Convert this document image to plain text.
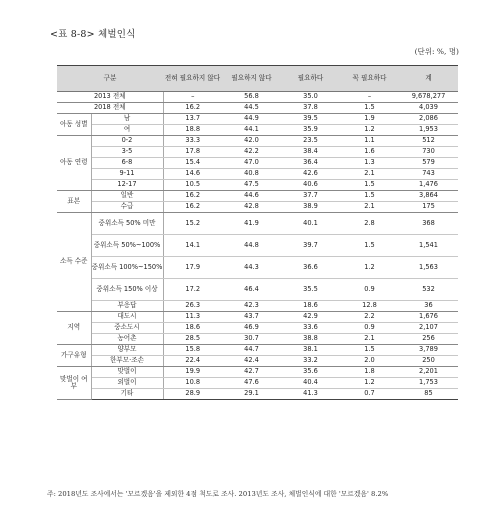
<표 8-8> 체벌인식
(단위: %, 명)
구분		전혀 필요하지 않다	필요하지 않다	필요하다	꼭 필요하다	계
2013 전체		–	56.8	35.0	–	9,678,277
2018 전체		16.2	44.5	37.8	1.5	4,039
아동 성별	남	13.7	44.9	39.5	1.9	2,086
	여	18.8	44.1	35.9	1.2	1,953
아동 연령	0-2	33.3	42.0	23.5	1.1	512
	3-5	17.8	42.2	38.4	1.6	730
	6-8	15.4	47.0	36.4	1.3	579
	9-11	14.6	40.8	42.6	2.1	743
	12-17	10.5	47.5	40.6	1.5	1,476
표본	일반	16.2	44.6	37.7	1.5	3,864
	수급	16.2	42.8	38.9	2.1	175
소득 수준	중위소득 50% 미만	15.2	41.9	40.1	2.8	368
	중위소득 50%~100%	14.1	44.8	39.7	1.5	1,541
	중위소득 100%~150%	17.9	44.3	36.6	1.2	1,563
	중위소득 150% 이상	17.2	46.4	35.5	0.9	532
	부응답	26.3	42.3	18.6	12.8	36
지역	대도시	11.3	43.7	42.9	2.2	1,676
	중소도시	18.6	46.9	33.6	0.9	2,107
	농어촌	28.5	30.7	38.8	2.1	256
가구유형	양부모	15.8	44.7	38.1	1.5	3,789
	한부모·조손	22.4	42.4	33.2	2.0	250
맞벌이 여부	맞벌이	19.9	42.7	35.6	1.8	2,201
	외벌이	10.8	47.6	40.4	1.2	1,753
	기타	28.9	29.1	41.3	0.7	85
주: 2018년도 조사에서는 '모르겠음'을 제외한 4점 척도로 조사. 2013년도 조사, 체벌인식에 대한 '모르겠음' 8.2%
